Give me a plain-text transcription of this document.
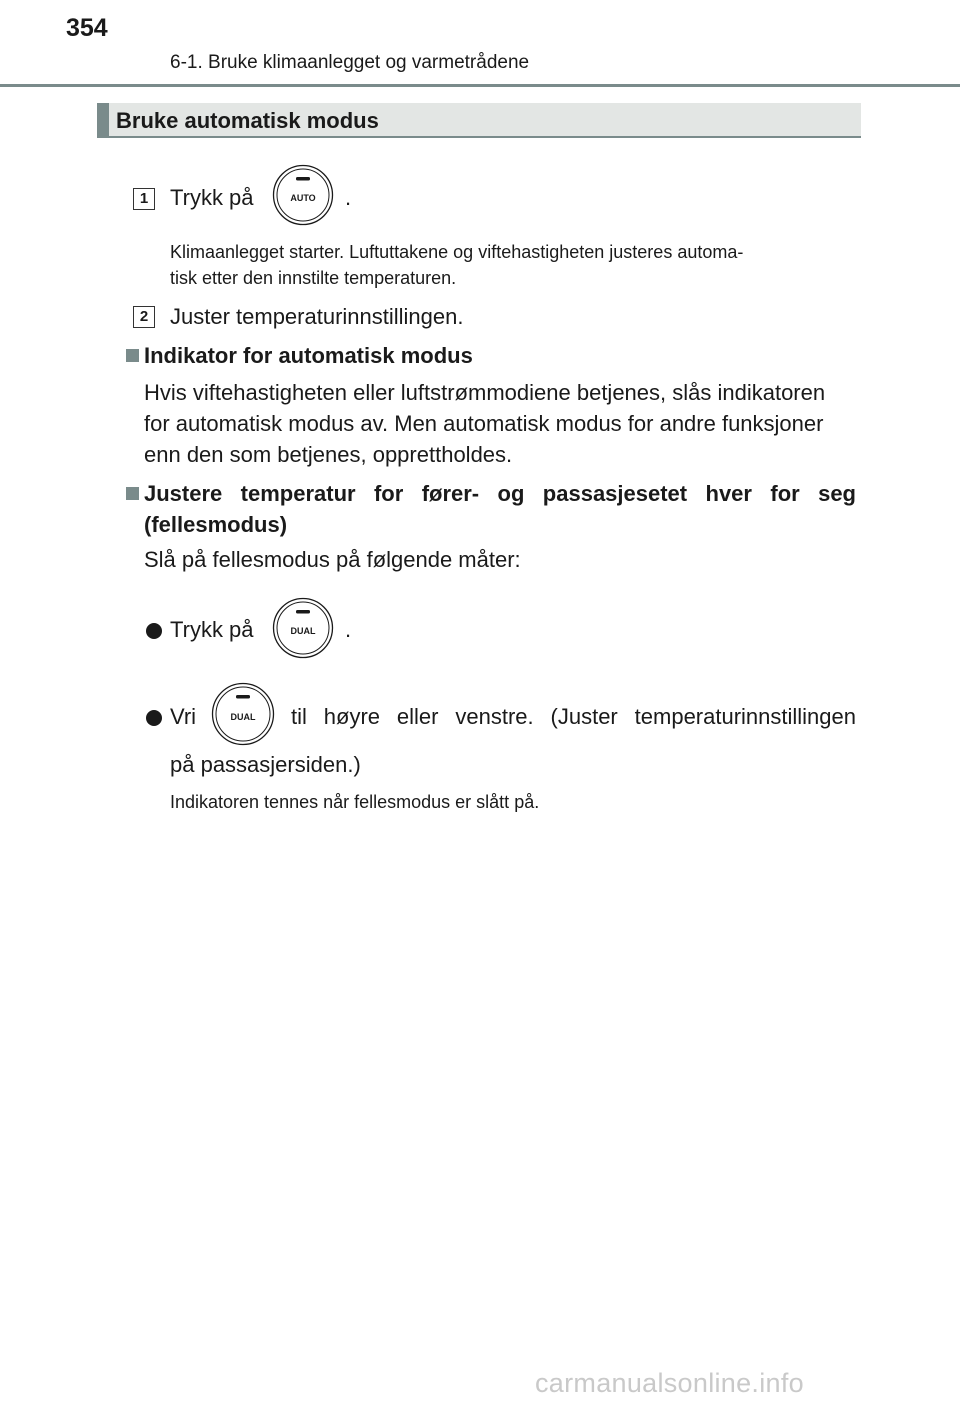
354
6-1. Bruke klimaanlegget og varmetrådene
Bruke automatisk modus
1 Trykk på	AUTO .
Klimaanlegget starter. Luftuttakene og viftehastigheten justeres automa-
tisk etter den innstilte temperaturen.
2 Juster temperaturinnstillingen.
Indikator for automatisk modus
Hvis viftehastigheten eller luftstrømmodiene betjenes, slås indikatoren
for automatisk modus av. Men automatisk modus for andre funksjoner
enn den som betjenes, opprettholdes.
Justere temperatur for fører- og passasjesetet hver for seg
(fellesmodus)
Slå på fellesmodus på følgende måter:
Trykk på	DUAL .
Vri	DUAL til høyre eller venstre. (Juster temperaturinnstillingen
på passasjersiden.)
Indikatoren tennes når fellesmodus er slått på.
carmanualsonline.info
